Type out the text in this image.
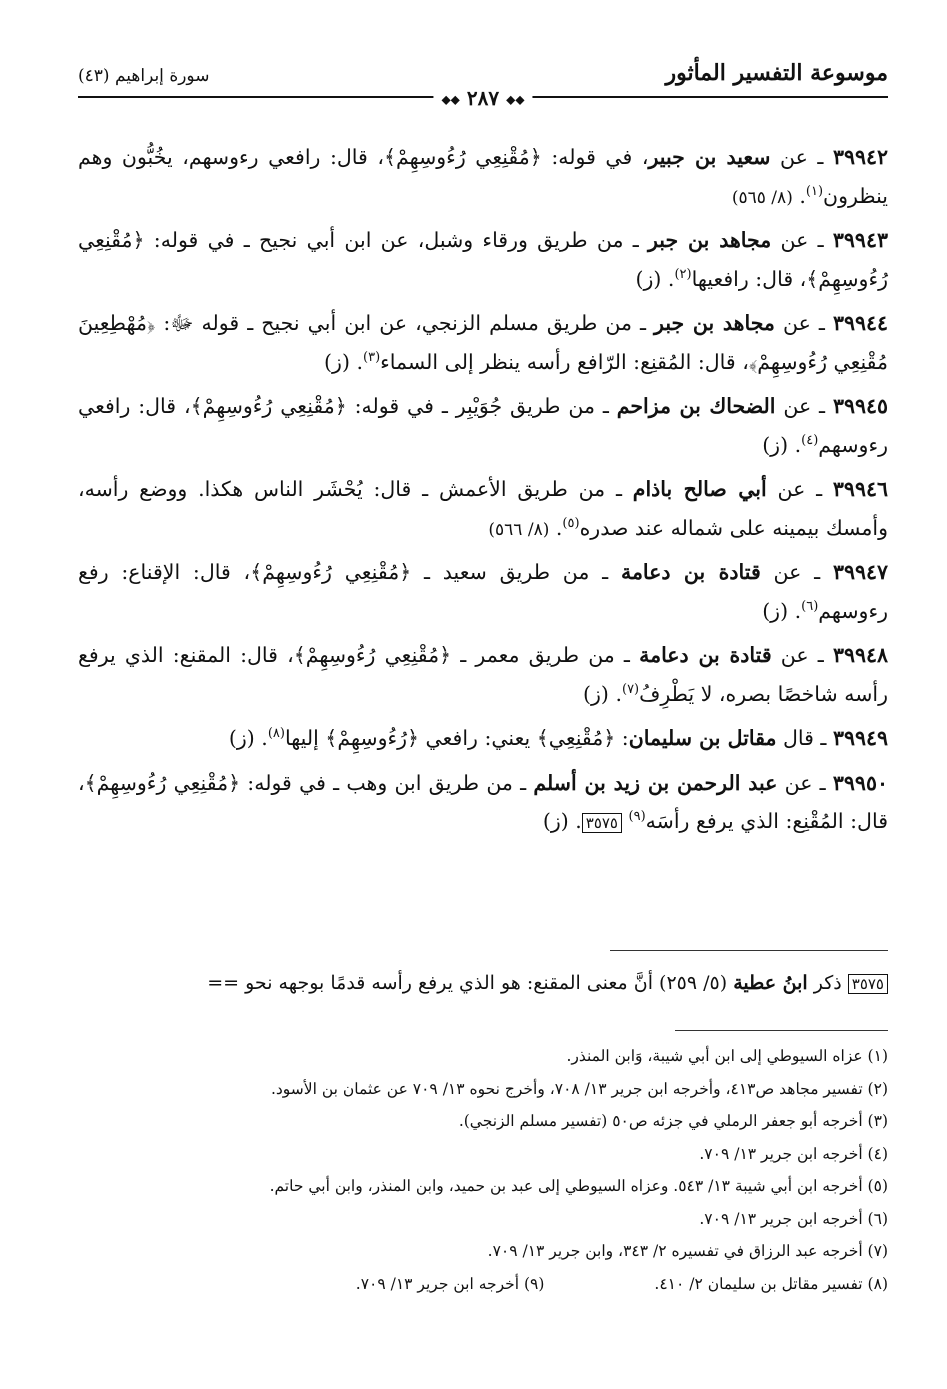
موسوعة التفسير المأثور
سورة إبراهيم (٤٣)
◆◆ ٢٨٧ ◆◆

٣٩٩٤٢ ـ عن سعيد بن جبير، في قوله: ﴿مُقْنِعِي رُءُوسِهِمْ﴾، قال: رافعي رءوسهم، يخُبُّون وهم ينظرون$^{(١)}$. (٨/ ٥٦٥)

٣٩٩٤٣ ـ عن مجاهد بن جبر ـ من طريق ورقاء وشبل، عن ابن أبي نجيح ـ في قوله: ﴿مُقْنِعِي رُءُوسِهِمْ﴾، قال: رافعيها$^{(٢)}$. (ز)

٣٩٩٤٤ ـ عن مجاهد بن جبر ـ من طريق مسلم الزنجي، عن ابن أبي نجيح ـ قوله ﷻ: ﴿مُهْطِعِينَ مُقْنِعِي رُءُوسِهِمْ﴾، قال: المُقنِع: الرّافع رأسه ينظر إلى السماء$^{(٣)}$. (ز)

٣٩٩٤٥ ـ عن الضحاك بن مزاحم ـ من طريق جُوَيْبِر ـ في قوله: ﴿مُقْنِعِي رُءُوسِهِمْ﴾، قال: رافعي رءوسهم$^{(٤)}$. (ز)

٣٩٩٤٦ ـ عن أبي صالح باذام ـ من طريق الأعمش ـ قال: يُحْشَر الناس هكذا. ووضع رأسه، وأمسك بيمينه على شماله عند صدره$^{(٥)}$. (٨/ ٥٦٦)

٣٩٩٤٧ ـ عن قتادة بن دعامة ـ من طريق سعيد ـ ﴿مُقْنِعِي رُءُوسِهِمْ﴾، قال: الإقناع: رفع رءوسهم$^{(٦)}$. (ز)

٣٩٩٤٨ ـ عن قتادة بن دعامة ـ من طريق معمر ـ ﴿مُقْنِعِي رُءُوسِهِمْ﴾، قال: المقنع: الذي يرفع رأسه شاخصًا بصره، لا يَطْرِفُ$^{(٧)}$. (ز)

٣٩٩٤٩ ـ قال مقاتل بن سليمان: ﴿مُقْنِعِي﴾ يعني: رافعي ﴿رُءُوسِهِمْ﴾ إليها$^{(٨)}$. (ز)

٣٩٩٥٠ ـ عن عبد الرحمن بن زيد بن أسلم ـ من طريق ابن وهب ـ في قوله: ﴿مُقْنِعِي رُءُوسِهِمْ﴾، قال: المُقْنِع: الذي يرفع رأسَه$^{(٩)}$ ٣٥٧٥. (ز)

٣٥٧٥ ذكر ابنُ عطية (٥/ ٢٥٩) أنَّ معنى المقنع: هو الذي يرفع رأسه قدمًا بوجهه نحو ==
(١) عزاه السيوطي إلى ابن أبي شيبة، وَابن المنذر.
(٢) تفسير مجاهد ص٤١٣، وأخرجه ابن جرير ١٣/ ٧٠٨، وأخرج نحوه ١٣/ ٧٠٩ عن عثمان بن الأسود.
(٣) أخرجه أبو جعفر الرملي في جزئه ص٥٠ (تفسير مسلم الزنجي).
(٤) أخرجه ابن جرير ١٣/ ٧٠٩.
(٥) أخرجه ابن أبي شيبة ١٣/ ٥٤٣. وعزاه السيوطي إلى عبد بن حميد، وابن المنذر، وابن أبي حاتم.
(٦) أخرجه ابن جرير ١٣/ ٧٠٩.
(٧) أخرجه عبد الرزاق في تفسيره ٢/ ٣٤٣، وابن جرير ١٣/ ٧٠٩.
(٨) تفسير مقاتل بن سليمان ٢/ ٤١٠.
(٩) أخرجه ابن جرير ١٣/ ٧٠٩.
